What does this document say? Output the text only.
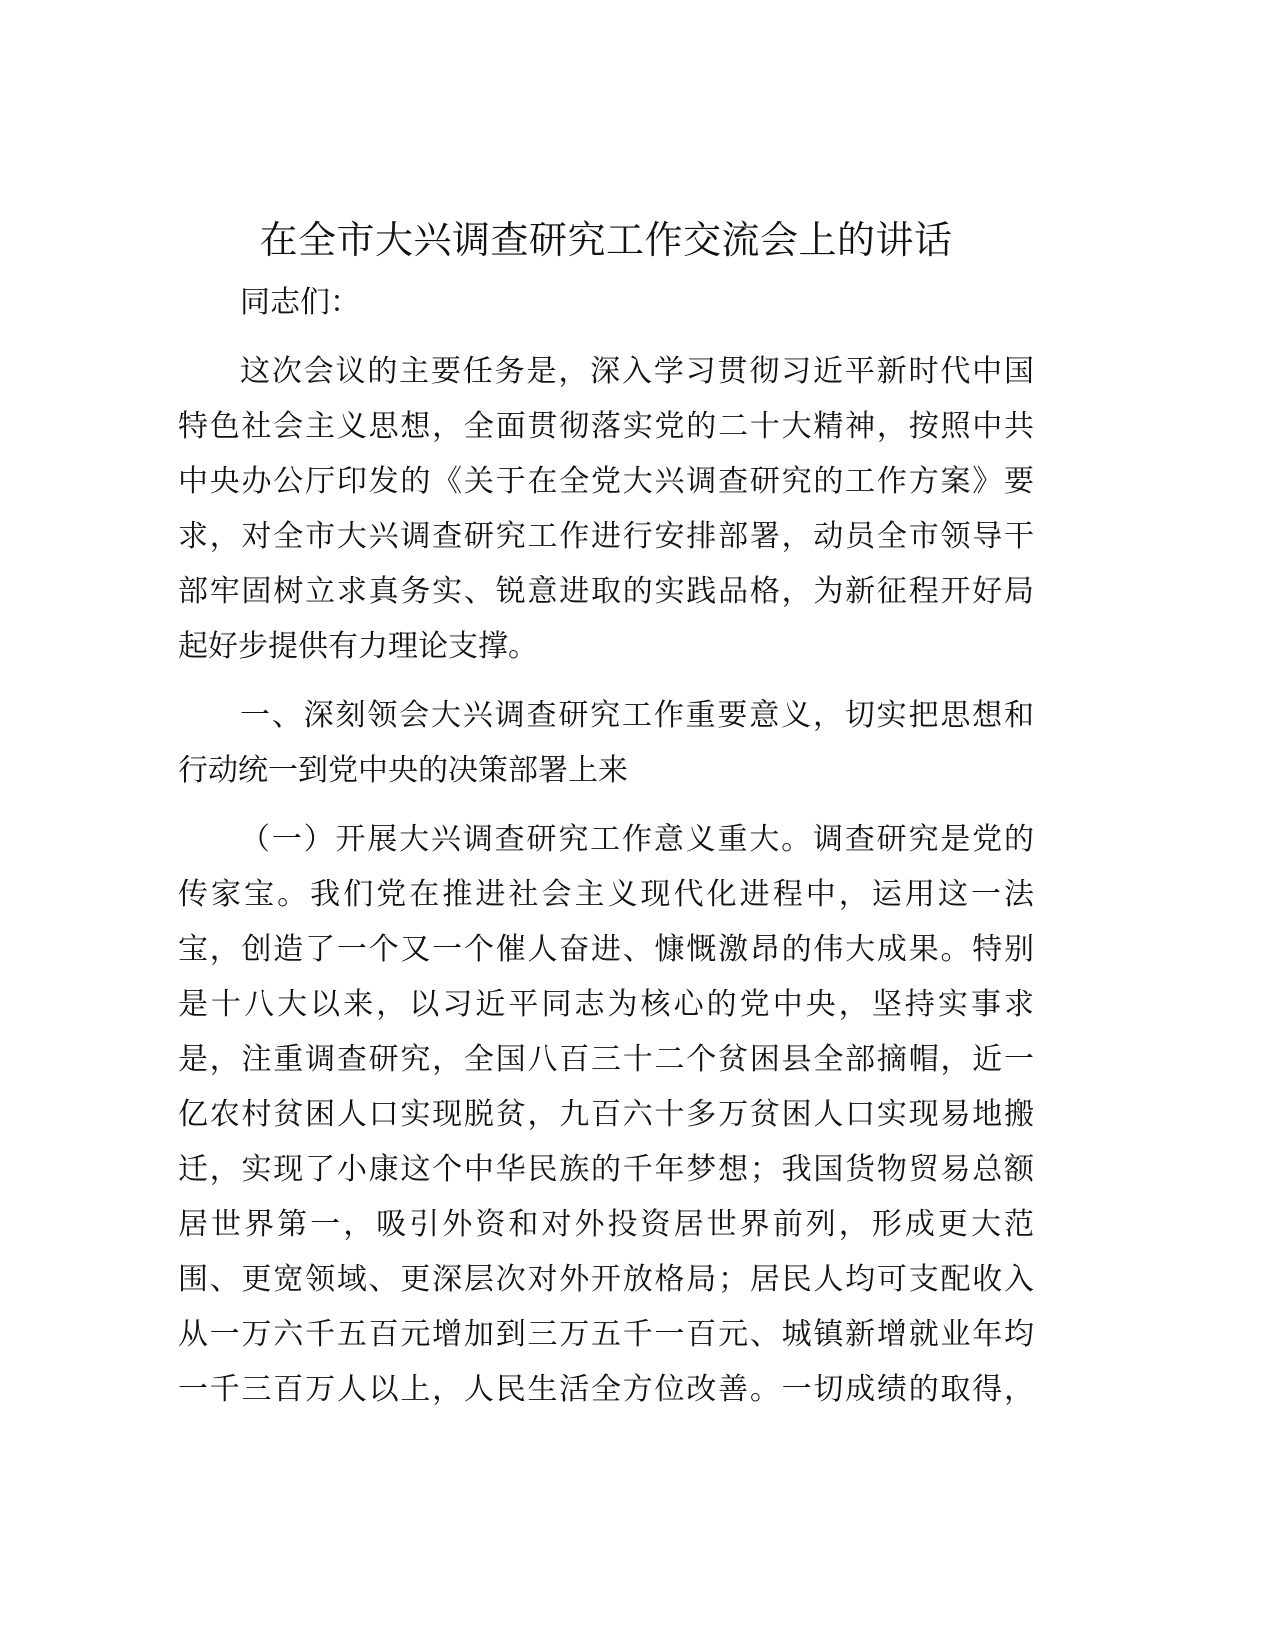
在全市大兴调查研究工作交流会上的讲话
同志们：
这次会议的主要任务是，深入学习贯彻习近平新时代中国
特色社会主义思想，全面贯彻落实党的二十大精神，按照中共
中央办公厅印发的《关于在全党大兴调查研究的工作方案》要
求，对全市大兴调查研究工作进行安排部署，动员全市领导干
部牢固树立求真务实、锐意进取的实践品格，为新征程开好局
起好步提供有力理论支撑。
一、深刻领会大兴调查研究工作重要意义，切实把思想和
行动统一到党中央的决策部署上来
（一）开展大兴调查研究工作意义重大。调查研究是党的
传家宝。我们党在推进社会主义现代化进程中，运用这一法
宝，创造了一个又一个催人奋进、慷慨激昂的伟大成果。特别
是十八大以来，以习近平同志为核心的党中央，坚持实事求
是，注重调查研究，全国八百三十二个贫困县全部摘帽，近一
亿农村贫困人口实现脱贫，九百六十多万贫困人口实现易地搬
迁，实现了小康这个中华民族的千年梦想；我国货物贸易总额
居世界第一，吸引外资和对外投资居世界前列，形成更大范
围、更宽领域、更深层次对外开放格局；居民人均可支配收入
从一万六千五百元增加到三万五千一百元、城镇新增就业年均
一千三百万人以上，人民生活全方位改善。一切成绩的取得，
